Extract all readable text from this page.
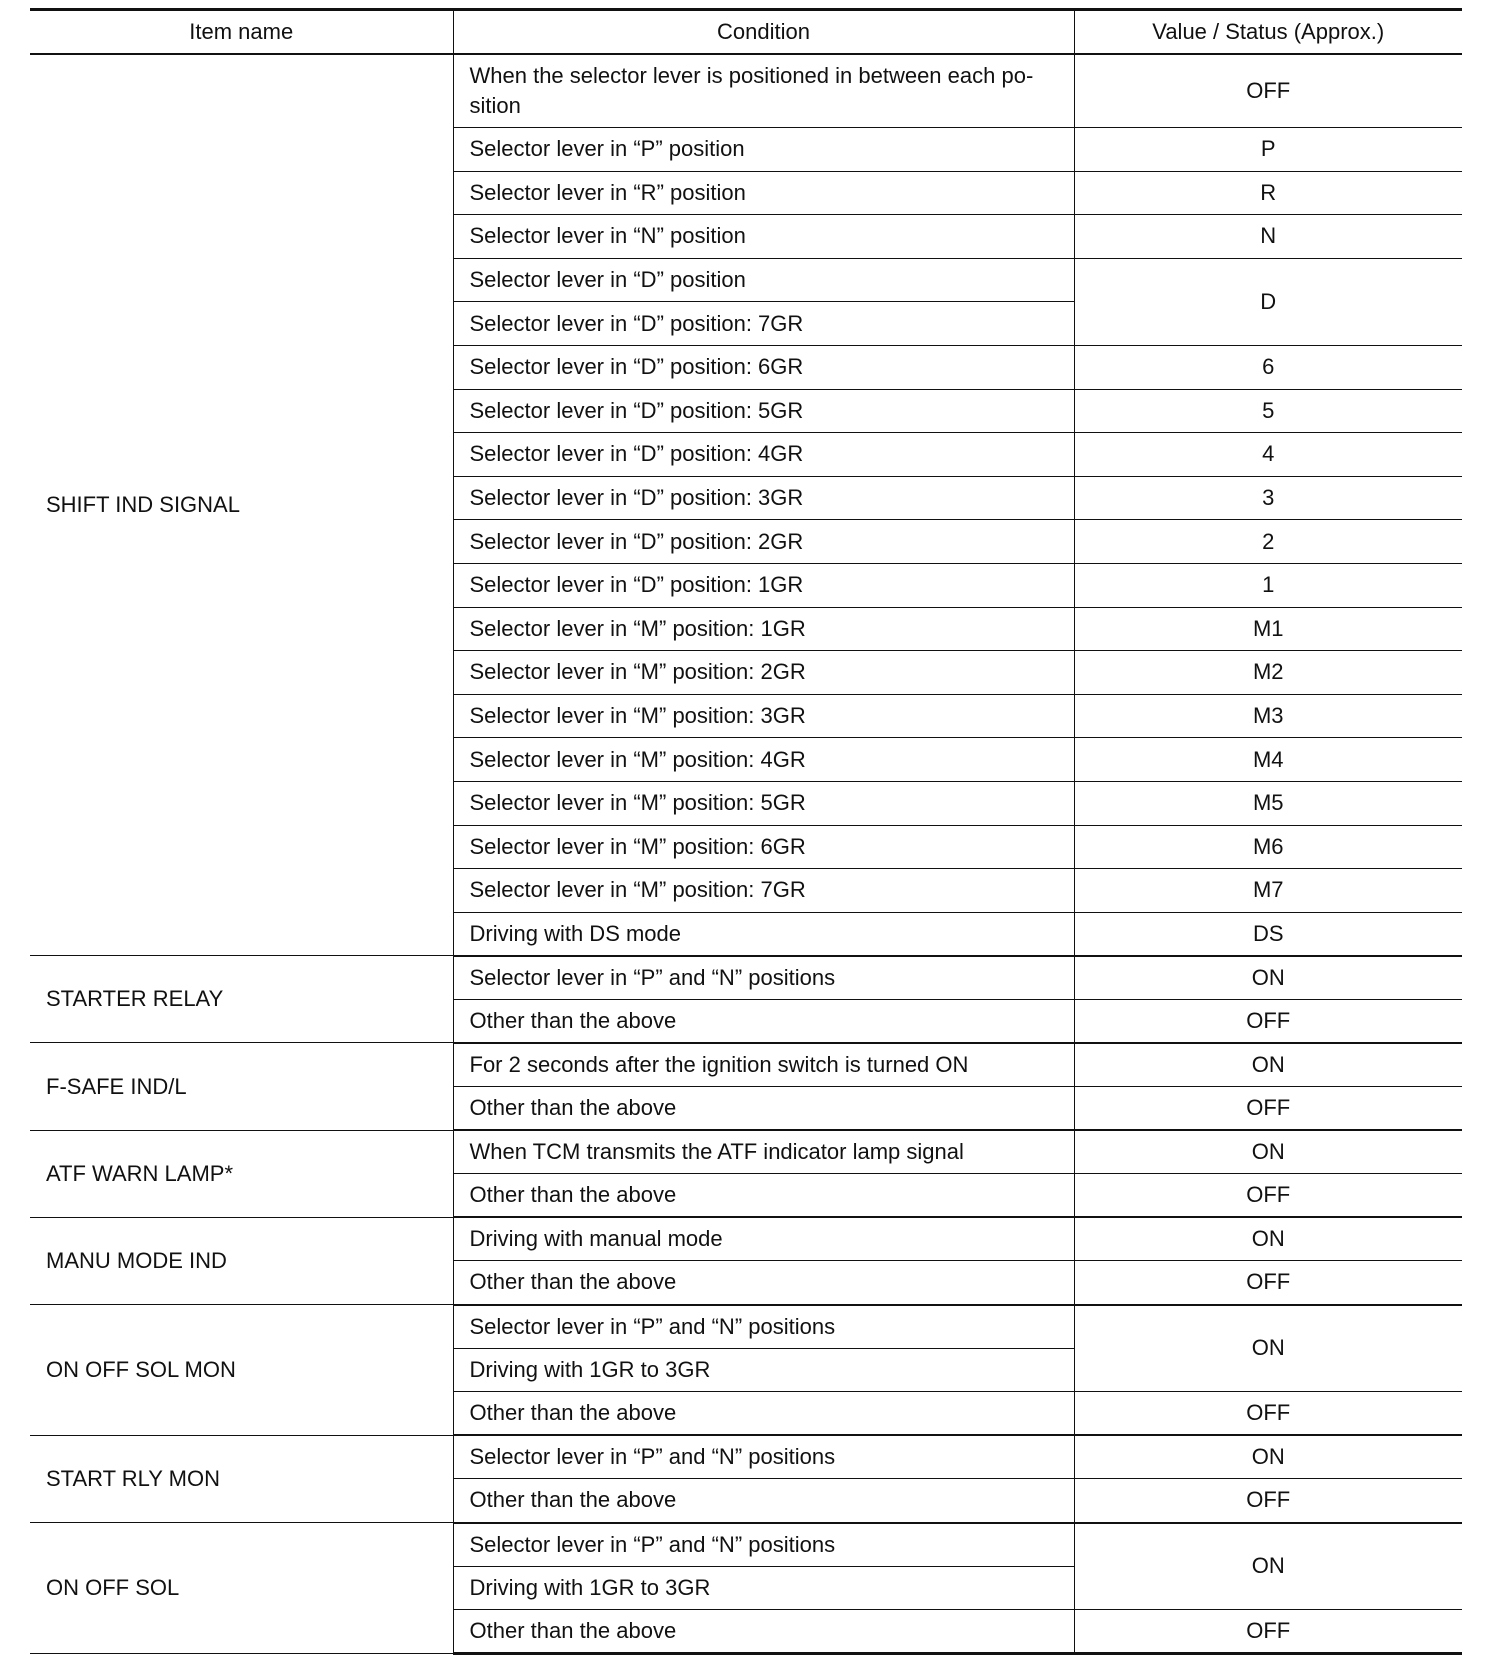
Item name	Condition	Value / Status (Approx.)
SHIFT IND SIGNAL	When the selector lever is positioned in between each po- sition	OFF

	Selector lever in “P” position	P

	Selector lever in “R” position	R

	Selector lever in “N” position	N

	Selector lever in “D” position	D

	Selector lever in “D” position: 7GR	

	Selector lever in “D” position: 6GR	6

	Selector lever in “D” position: 5GR	5

	Selector lever in “D” position: 4GR	4

	Selector lever in “D” position: 3GR	3

	Selector lever in “D” position: 2GR	2

	Selector lever in “D” position: 1GR	1

	Selector lever in “M” position: 1GR	M1

	Selector lever in “M” position: 2GR	M2

	Selector lever in “M” position: 3GR	M3

	Selector lever in “M” position: 4GR	M4

	Selector lever in “M” position: 5GR	M5

	Selector lever in “M” position: 6GR	M6

	Selector lever in “M” position: 7GR	M7

	Driving with DS mode	DS
STARTER RELAY	Selector lever in “P” and “N” positions	ON

	Other than the above	OFF
F-SAFE IND/L	For 2 seconds after the ignition switch is turned ON	ON

	Other than the above	OFF
ATF WARN LAMP*	When TCM transmits the ATF indicator lamp signal	ON

	Other than the above	OFF
MANU MODE IND	Driving with manual mode	ON

	Other than the above	OFF
ON OFF SOL MON	Selector lever in “P” and “N” positions	ON

	Driving with 1GR to 3GR	

	Other than the above	OFF
START RLY MON	Selector lever in “P” and “N” positions	ON

	Other than the above	OFF
ON OFF SOL	Selector lever in “P” and “N” positions	ON

	Driving with 1GR to 3GR	

	Other than the above	OFF
